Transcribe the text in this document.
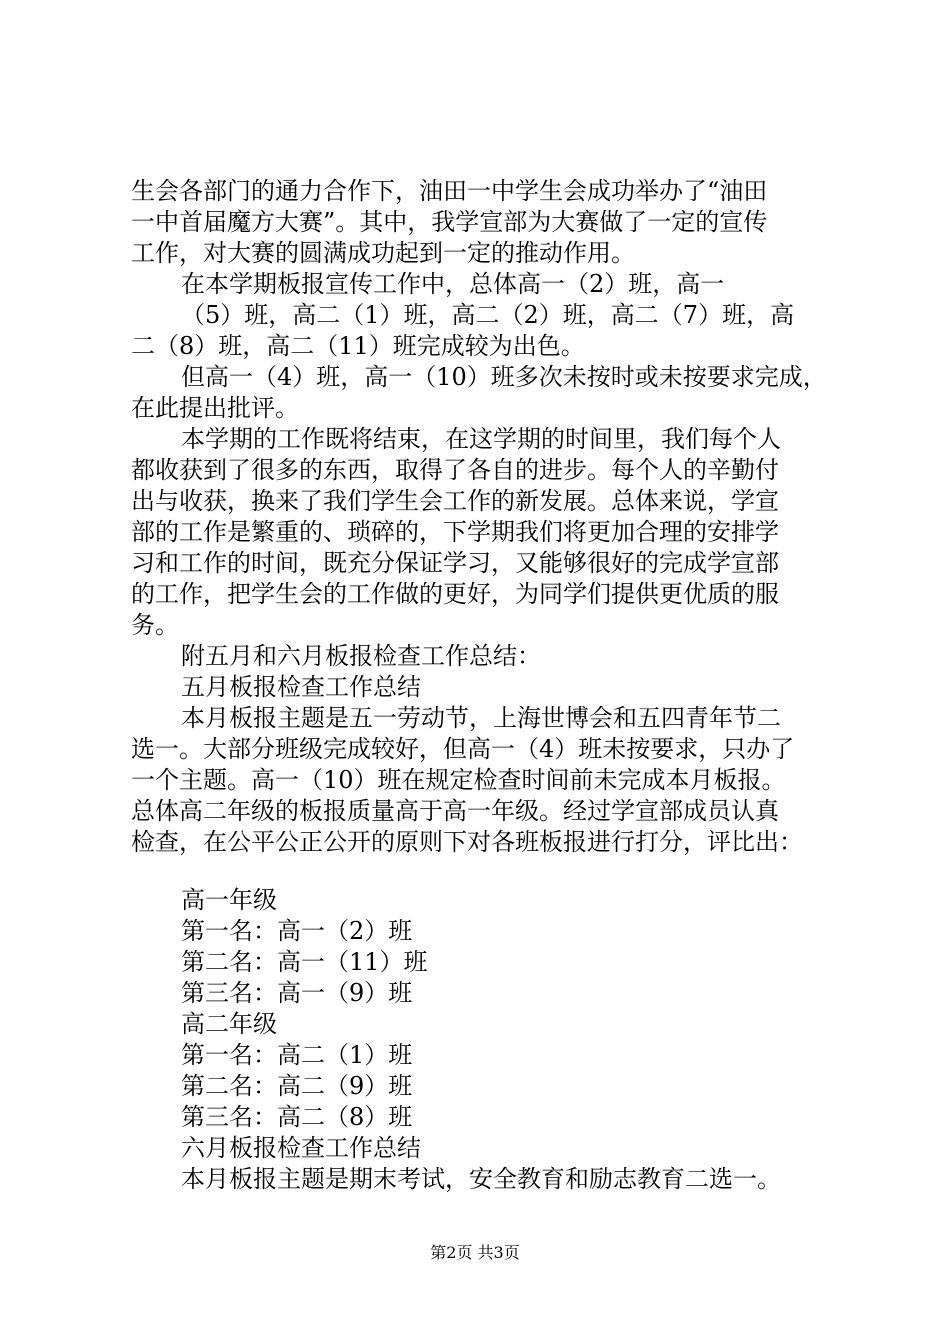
生会各部门的通力合作下，油田一中学生会成功举办了“油田
一中首届魔方大赛”。其中，我学宣部为大赛做了一定的宣传
工作，对大赛的圆满成功起到一定的推动作用。
在本学期板报宣传工作中，总体高一（2）班，高一
（5）班，高二（1）班，高二（2）班，高二（7）班，高
二（8）班，高二（11）班完成较为出色。
但高一（4）班，高一（10）班多次未按时或未按要求完成，
在此提出批评。
本学期的工作既将结束，在这学期的时间里，我们每个人
都收获到了很多的东西，取得了各自的进步。每个人的辛勤付
出与收获，换来了我们学生会工作的新发展。总体来说，学宣
部的工作是繁重的、琐碎的，下学期我们将更加合理的安排学
习和工作的时间，既充分保证学习，又能够很好的完成学宣部
的工作，把学生会的工作做的更好，为同学们提供更优质的服
务。
附五月和六月板报检查工作总结：
五月板报检查工作总结
本月板报主题是五一劳动节，上海世博会和五四青年节二
选一。大部分班级完成较好，但高一（4）班未按要求，只办了
一个主题。高一（10）班在规定检查时间前未完成本月板报。
总体高二年级的板报质量高于高一年级。经过学宣部成员认真
检查，在公平公正公开的原则下对各班板报进行打分，评比出：
高一年级
第一名：高一（2）班
第二名：高一（11）班
第三名：高一（9）班
高二年级
第一名：高二（1）班
第二名：高二（9）班
第三名：高二（8）班
六月板报检查工作总结
本月板报主题是期末考试，安全教育和励志教育二选一。
第2页 共3页
